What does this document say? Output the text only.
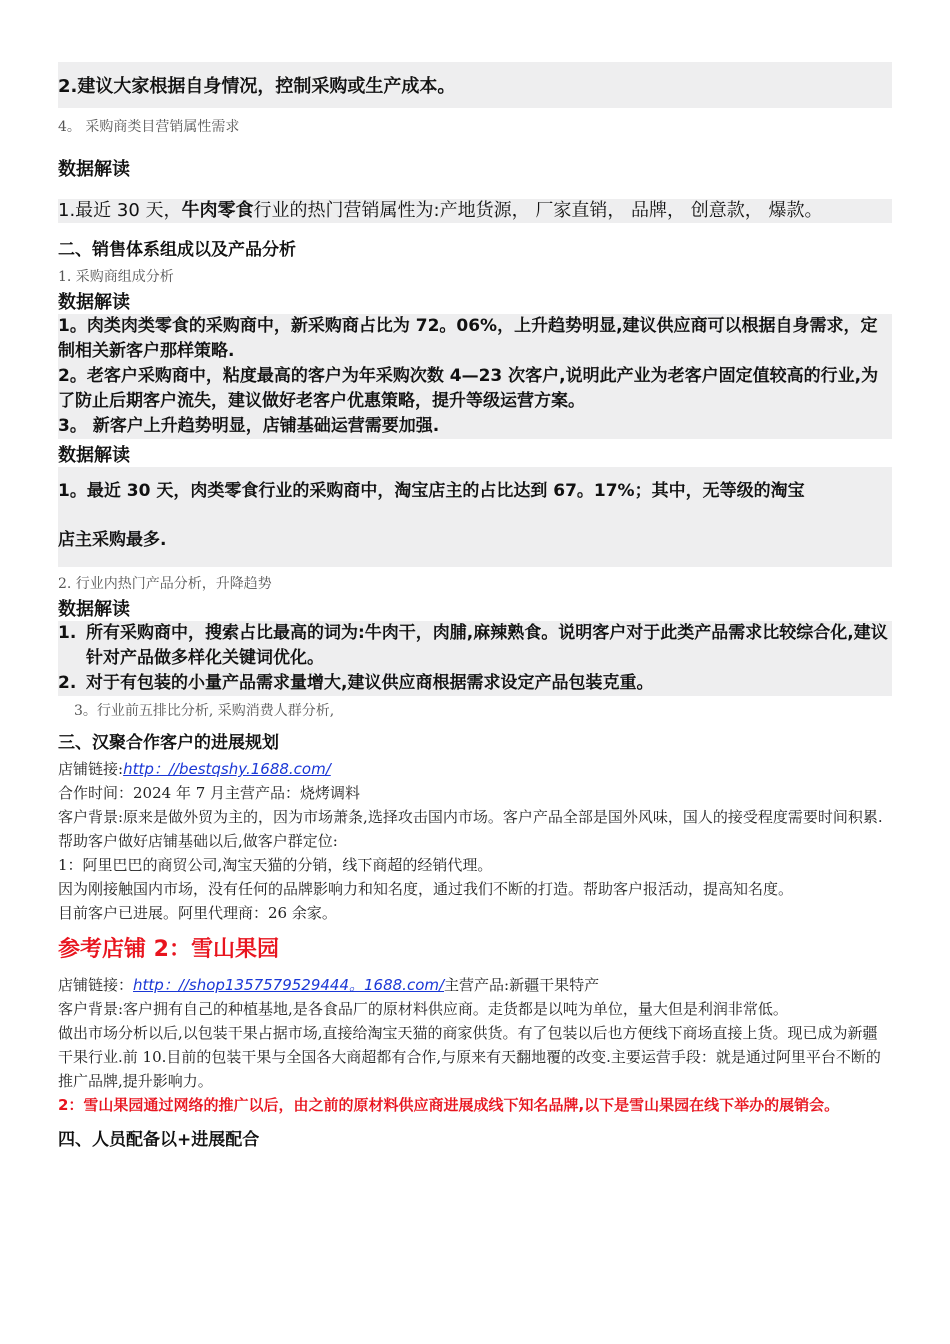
2.建议大家根据自身情况，控制采购或生产成本。

4。 采购商类目营销属性需求

数据解读

1.最近 30 天，牛肉零食行业的热门营销属性为:产地货源， 厂家直销， 品牌， 创意款， 爆款。

二、销售体系组成以及产品分析

1. 采购商组成分析

数据解读

1。肉类肉类零食的采购商中，新采购商占比为 72。06%，上升趋势明显,建议供应商可以根据自身需求，定制相关新客户那样策略.

2。老客户采购商中，粘度最高的客户为年采购次数 4—23 次客户,说明此产业为老客户固定值较高的行业,为了防止后期客户流失，建议做好老客户优惠策略，提升等级运营方案。

3。 新客户上升趋势明显，店铺基础运营需要加强.

数据解读

1。最近 30 天，肉类零食行业的采购商中，淘宝店主的占比达到 67。17%；其中，无等级的淘宝

店主采购最多.

2. 行业内热门产品分析，升降趋势

数据解读

1. 所有采购商中，搜索占比最高的词为:牛肉干，肉脯,麻辣熟食。说明客户对于此类产品需求比较综合化,建议针对产品做多样化关键词优化。
2. 对于有包装的小量产品需求量增大,建议供应商根据需求设定产品包装克重。

3。行业前五排比分析, 采购消费人群分析,

三、汉聚合作客户的进展规划

店铺链接:http：//bestqshy.1688.com/

合作时间：2024 年 7 月主营产品：烧烤调料

客户背景:原来是做外贸为主的，因为市场萧条,选择攻击国内市场。客户产品全部是国外风味，国人的接受程度需要时间积累.

帮助客户做好店铺基础以后,做客户群定位:

1：阿里巴巴的商贸公司,淘宝天猫的分销，线下商超的经销代理。

因为刚接触国内市场，没有任何的品牌影响力和知名度，通过我们不断的打造。帮助客户报活动，提高知名度。

目前客户已进展。阿里代理商：26 余家。

参考店铺 2：雪山果园

店铺链接：http：//shop1357579529444。1688.com/主营产品:新疆干果特产

客户背景:客户拥有自己的种植基地,是各食品厂的原材料供应商。走货都是以吨为单位，量大但是利润非常低。

做出市场分析以后,以包装干果占据市场,直接给淘宝天猫的商家供货。有了包装以后也方便线下商场直接上货。现已成为新疆干果行业.前 10.目前的包装干果与全国各大商超都有合作,与原来有天翻地覆的改变.主要运营手段：就是通过阿里平台不断的推广品牌,提升影响力。

2：雪山果园通过网络的推广以后，由之前的原材料供应商进展成线下知名品牌,以下是雪山果园在线下举办的展销会。

四、人员配备以+进展配合
